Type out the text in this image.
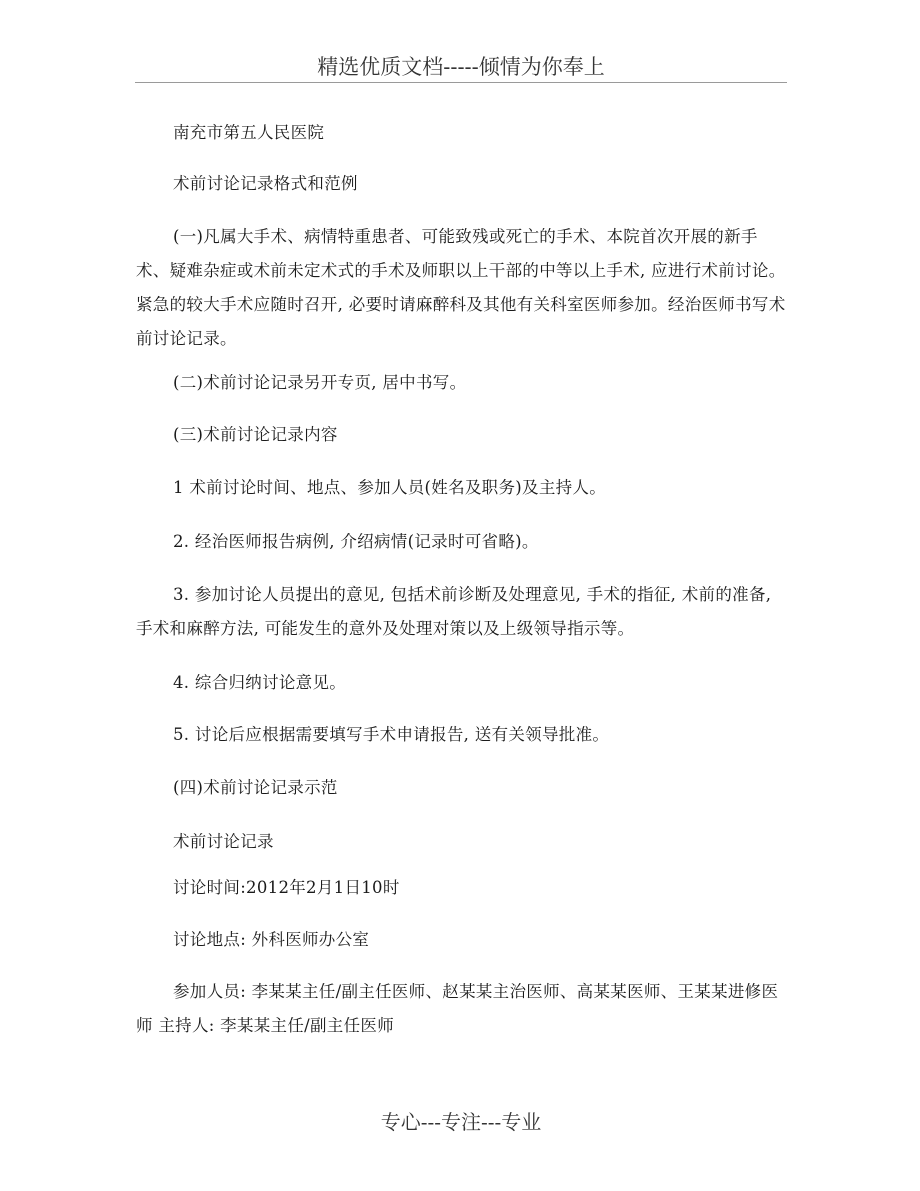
精选优质文档-----倾情为你奉上

南充市第五人民医院

术前讨论记录格式和范例

(一)凡属大手术、病情特重患者、可能致残或死亡的手术、本院首次开展的新手术、疑难杂症或术前未定术式的手术及师职以上干部的中等以上手术, 应进行术前讨论。紧急的较大手术应随时召开, 必要时请麻醉科及其他有关科室医师参加。经治医师书写术前讨论记录。

(二)术前讨论记录另开专页, 居中书写。

(三)术前讨论记录内容

1 术前讨论时间、地点、参加人员(姓名及职务)及主持人。

2. 经治医师报告病例, 介绍病情(记录时可省略)。

3. 参加讨论人员提出的意见, 包括术前诊断及处理意见, 手术的指征, 术前的准备, 手术和麻醉方法, 可能发生的意外及处理对策以及上级领导指示等。

4. 综合归纳讨论意见。

5. 讨论后应根据需要填写手术申请报告, 送有关领导批准。

(四)术前讨论记录示范

术前讨论记录

讨论时间:2012年2月1日10时

讨论地点: 外科医师办公室

参加人员: 李某某主任/副主任医师、赵某某主治医师、高某某医师、王某某进修医师 主持人: 李某某主任/副主任医师

专心---专注---专业
